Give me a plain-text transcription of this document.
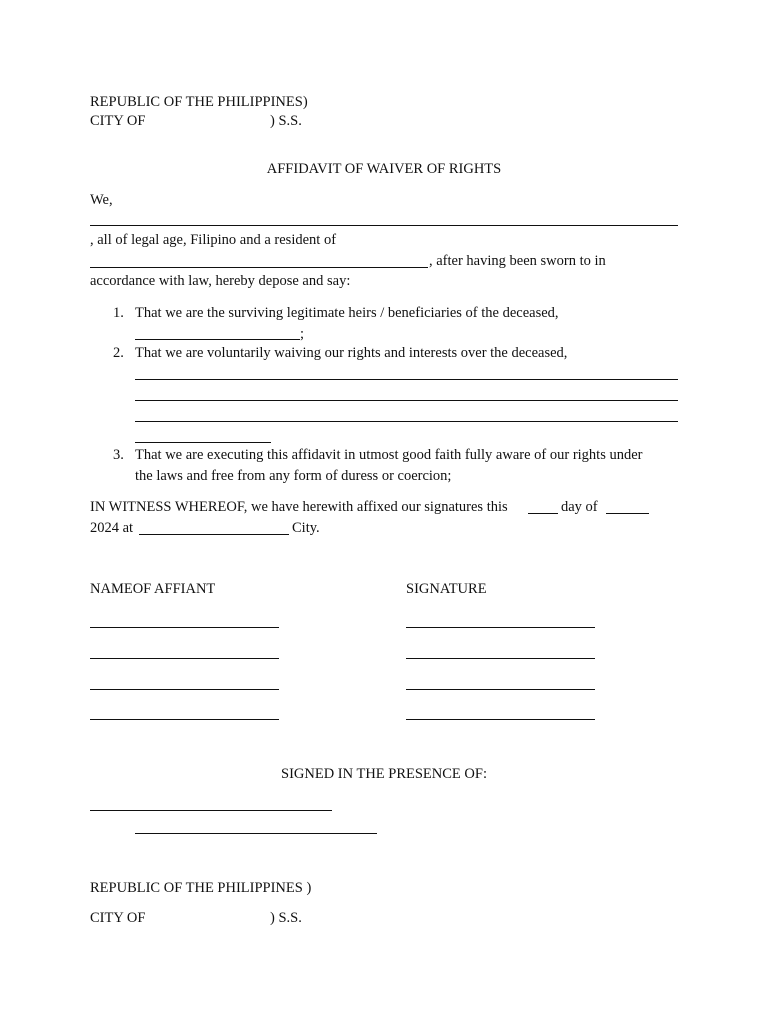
REPUBLIC OF THE PHILIPPINES)
CITY OF	) S.S.
AFFIDAVIT OF WAIVER OF RIGHTS
We,
, all of legal age, Filipino and a resident of
, after having been sworn to in
accordance with law, hereby depose and say:
1. That we are the surviving legitimate heirs / beneficiaries of the deceased,
;
2. That we are voluntarily waiving our rights and interests over the deceased,
3. That we are executing this affidavit in utmost good faith fully aware of our rights under
the laws and free from any form of duress or coercion;
IN WITNESS WHEREOF, we have herewith affixed our signatures this	day of
2024 at	City.
NAMEOF AFFIANT	SIGNATURE
SIGNED IN THE PRESENCE OF:
REPUBLIC OF THE PHILIPPINES )
CITY OF	) S.S.
